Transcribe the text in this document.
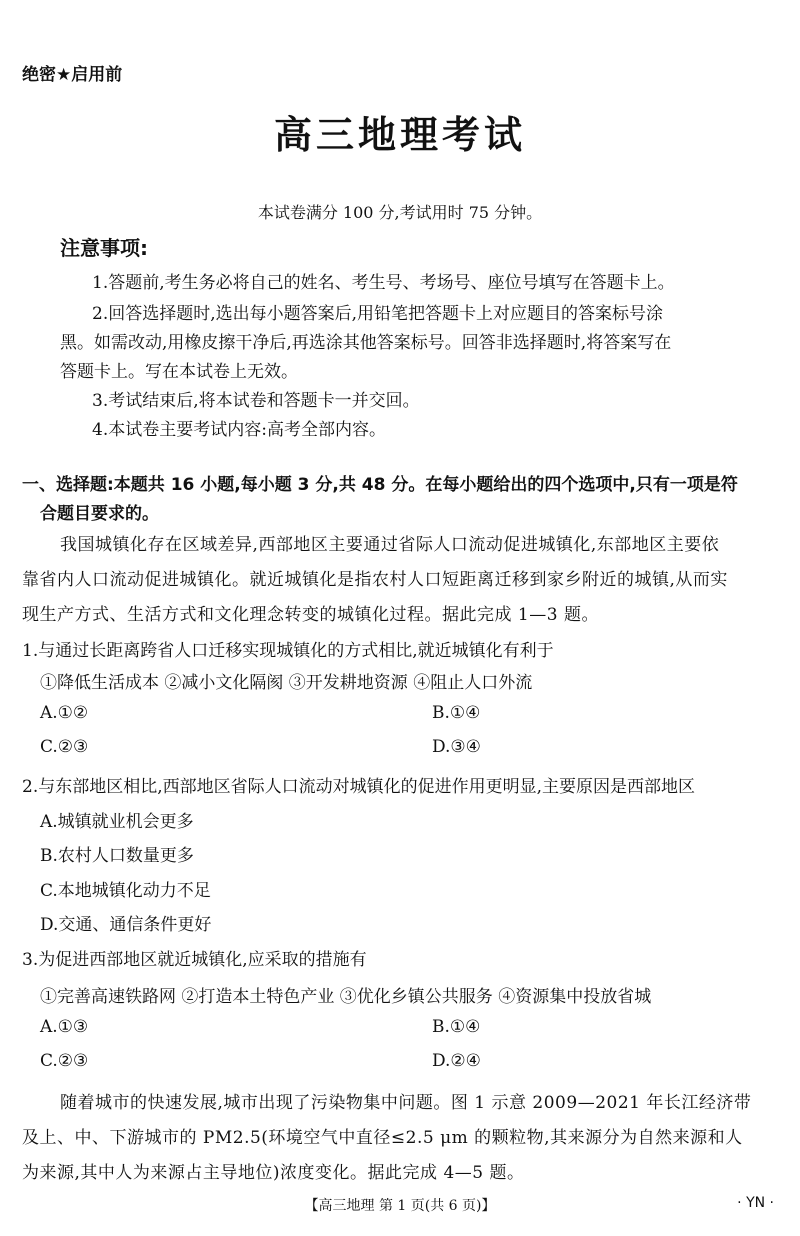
绝密★启用前
高三地理考试
本试卷满分 100 分,考试用时 75 分钟。
注意事项:
1.答题前,考生务必将自己的姓名、考生号、考场号、座位号填写在答题卡上。
2.回答选择题时,选出每小题答案后,用铅笔把答题卡上对应题目的答案标号涂
黑。如需改动,用橡皮擦干净后,再选涂其他答案标号。回答非选择题时,将答案写在
答题卡上。写在本试卷上无效。
3.考试结束后,将本试卷和答题卡一并交回。
4.本试卷主要考试内容:高考全部内容。
一、选择题:本题共 16 小题,每小题 3 分,共 48 分。在每小题给出的四个选项中,只有一项是符
合题目要求的。
我国城镇化存在区域差异,西部地区主要通过省际人口流动促进城镇化,东部地区主要依
靠省内人口流动促进城镇化。就近城镇化是指农村人口短距离迁移到家乡附近的城镇,从而实
现生产方式、生活方式和文化理念转变的城镇化过程。据此完成 1—3 题。
1.与通过长距离跨省人口迁移实现城镇化的方式相比,就近城镇化有利于
①降低生活成本 ②减小文化隔阂 ③开发耕地资源 ④阻止人口外流
A.①②	B.①④
C.②③	D.③④
2.与东部地区相比,西部地区省际人口流动对城镇化的促进作用更明显,主要原因是西部地区
A.城镇就业机会更多
B.农村人口数量更多
C.本地城镇化动力不足
D.交通、通信条件更好
3.为促进西部地区就近城镇化,应采取的措施有
①完善高速铁路网 ②打造本土特色产业 ③优化乡镇公共服务 ④资源集中投放省城
A.①③	B.①④
C.②③	D.②④
随着城市的快速发展,城市出现了污染物集中问题。图 1 示意 2009—2021 年长江经济带
及上、中、下游城市的 PM2.5(环境空气中直径≤2.5 μm 的颗粒物,其来源分为自然来源和人
为来源,其中人为来源占主导地位)浓度变化。据此完成 4—5 题。
【高三地理 第 1 页(共 6 页)】	· YN ·
